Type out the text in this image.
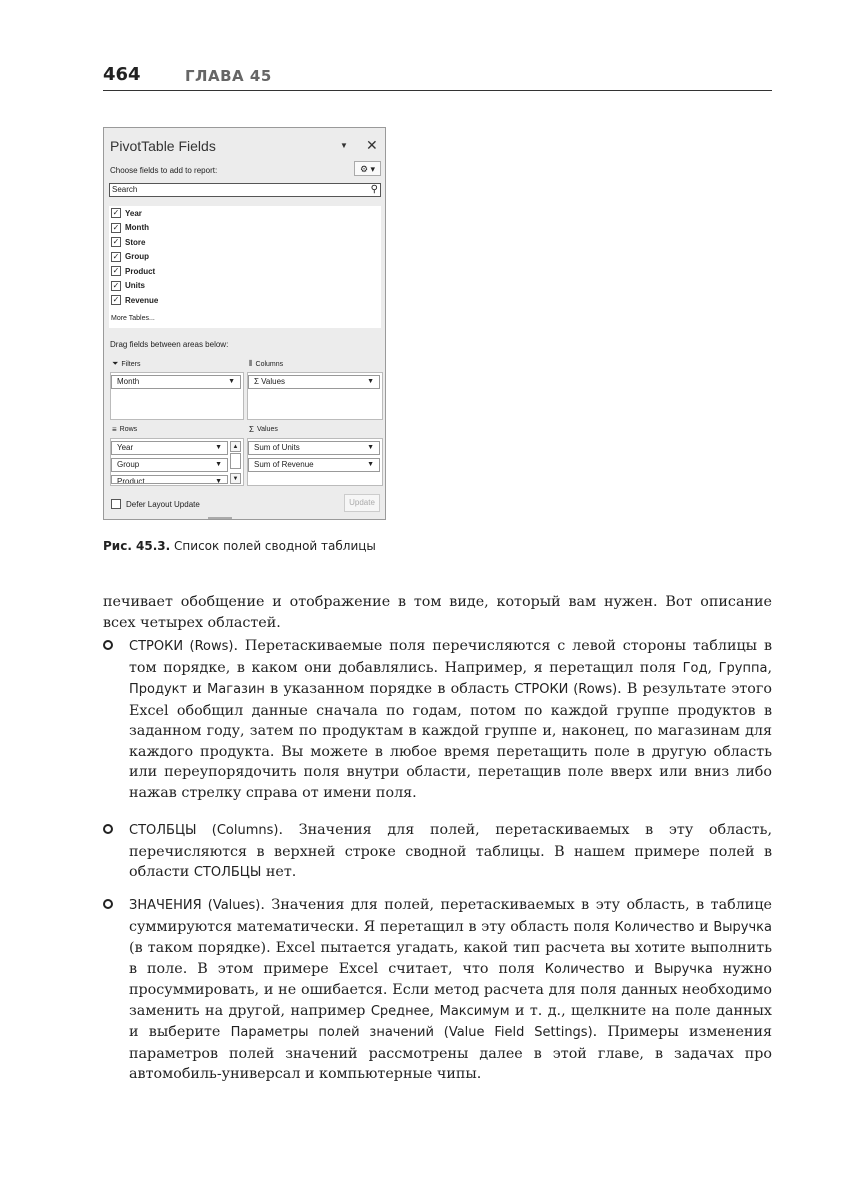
464	ГЛАВА 45
PivotTable Fields	▼ ✕
Choose fields to add to report:	⚙ ▾
Search	⚲
✓ Year
✓ Month
✓ Store
✓ Group
✓ Product
✓ Units
✓ Revenue
More Tables...
Drag fields between areas below:
⏷ Filters
Month	▼
⦀ Columns
Σ Values	▼
≡ Rows
Year	▼
Group	▼
Product	▼
▲
▼
Σ Values
Sum of Units	▼
Sum of Revenue	▼
Defer Layout Update	Update
Рис. 45.3. Список полей сводной таблицы
печивает обобщение и отображение в том виде, который вам нужен. Вот описание всех четырех областей.
СТРОКИ (Rows). Перетаскиваемые поля перечисляются с левой стороны таблицы в том порядке, в каком они добавлялись. Например, я перетащил поля Год, Группа, Продукт и Магазин в указанном порядке в область СТРОКИ (Rows). В результате этого Excel обобщил данные сначала по годам, потом по каждой группе продуктов в заданном году, затем по продуктам в каждой группе и, наконец, по магазинам для каждого продукта. Вы можете в любое время перетащить поле в другую область или переупорядочить поля внутри области, перетащив поле вверх или вниз либо нажав стрелку справа от имени поля.
СТОЛБЦЫ (Columns). Значения для полей, перетаскиваемых в эту область, перечисляются в верхней строке сводной таблицы. В нашем примере полей в области СТОЛБЦЫ нет.
ЗНАЧЕНИЯ (Values). Значения для полей, перетаскиваемых в эту область, в таблице суммируются математически. Я перетащил в эту область поля Количество и Выручка (в таком порядке). Excel пытается угадать, какой тип расчета вы хотите выполнить в поле. В этом примере Excel считает, что поля Количество и Выручка нужно просуммировать, и не ошибается. Если метод расчета для поля данных необходимо заменить на другой, например Среднее, Максимум и т. д., щелкните на поле данных и выберите Параметры полей значений (Value Field Settings). Примеры изменения параметров полей значений рассмотрены далее в этой главе, в задачах про автомобиль-универсал и компьютерные чипы.
